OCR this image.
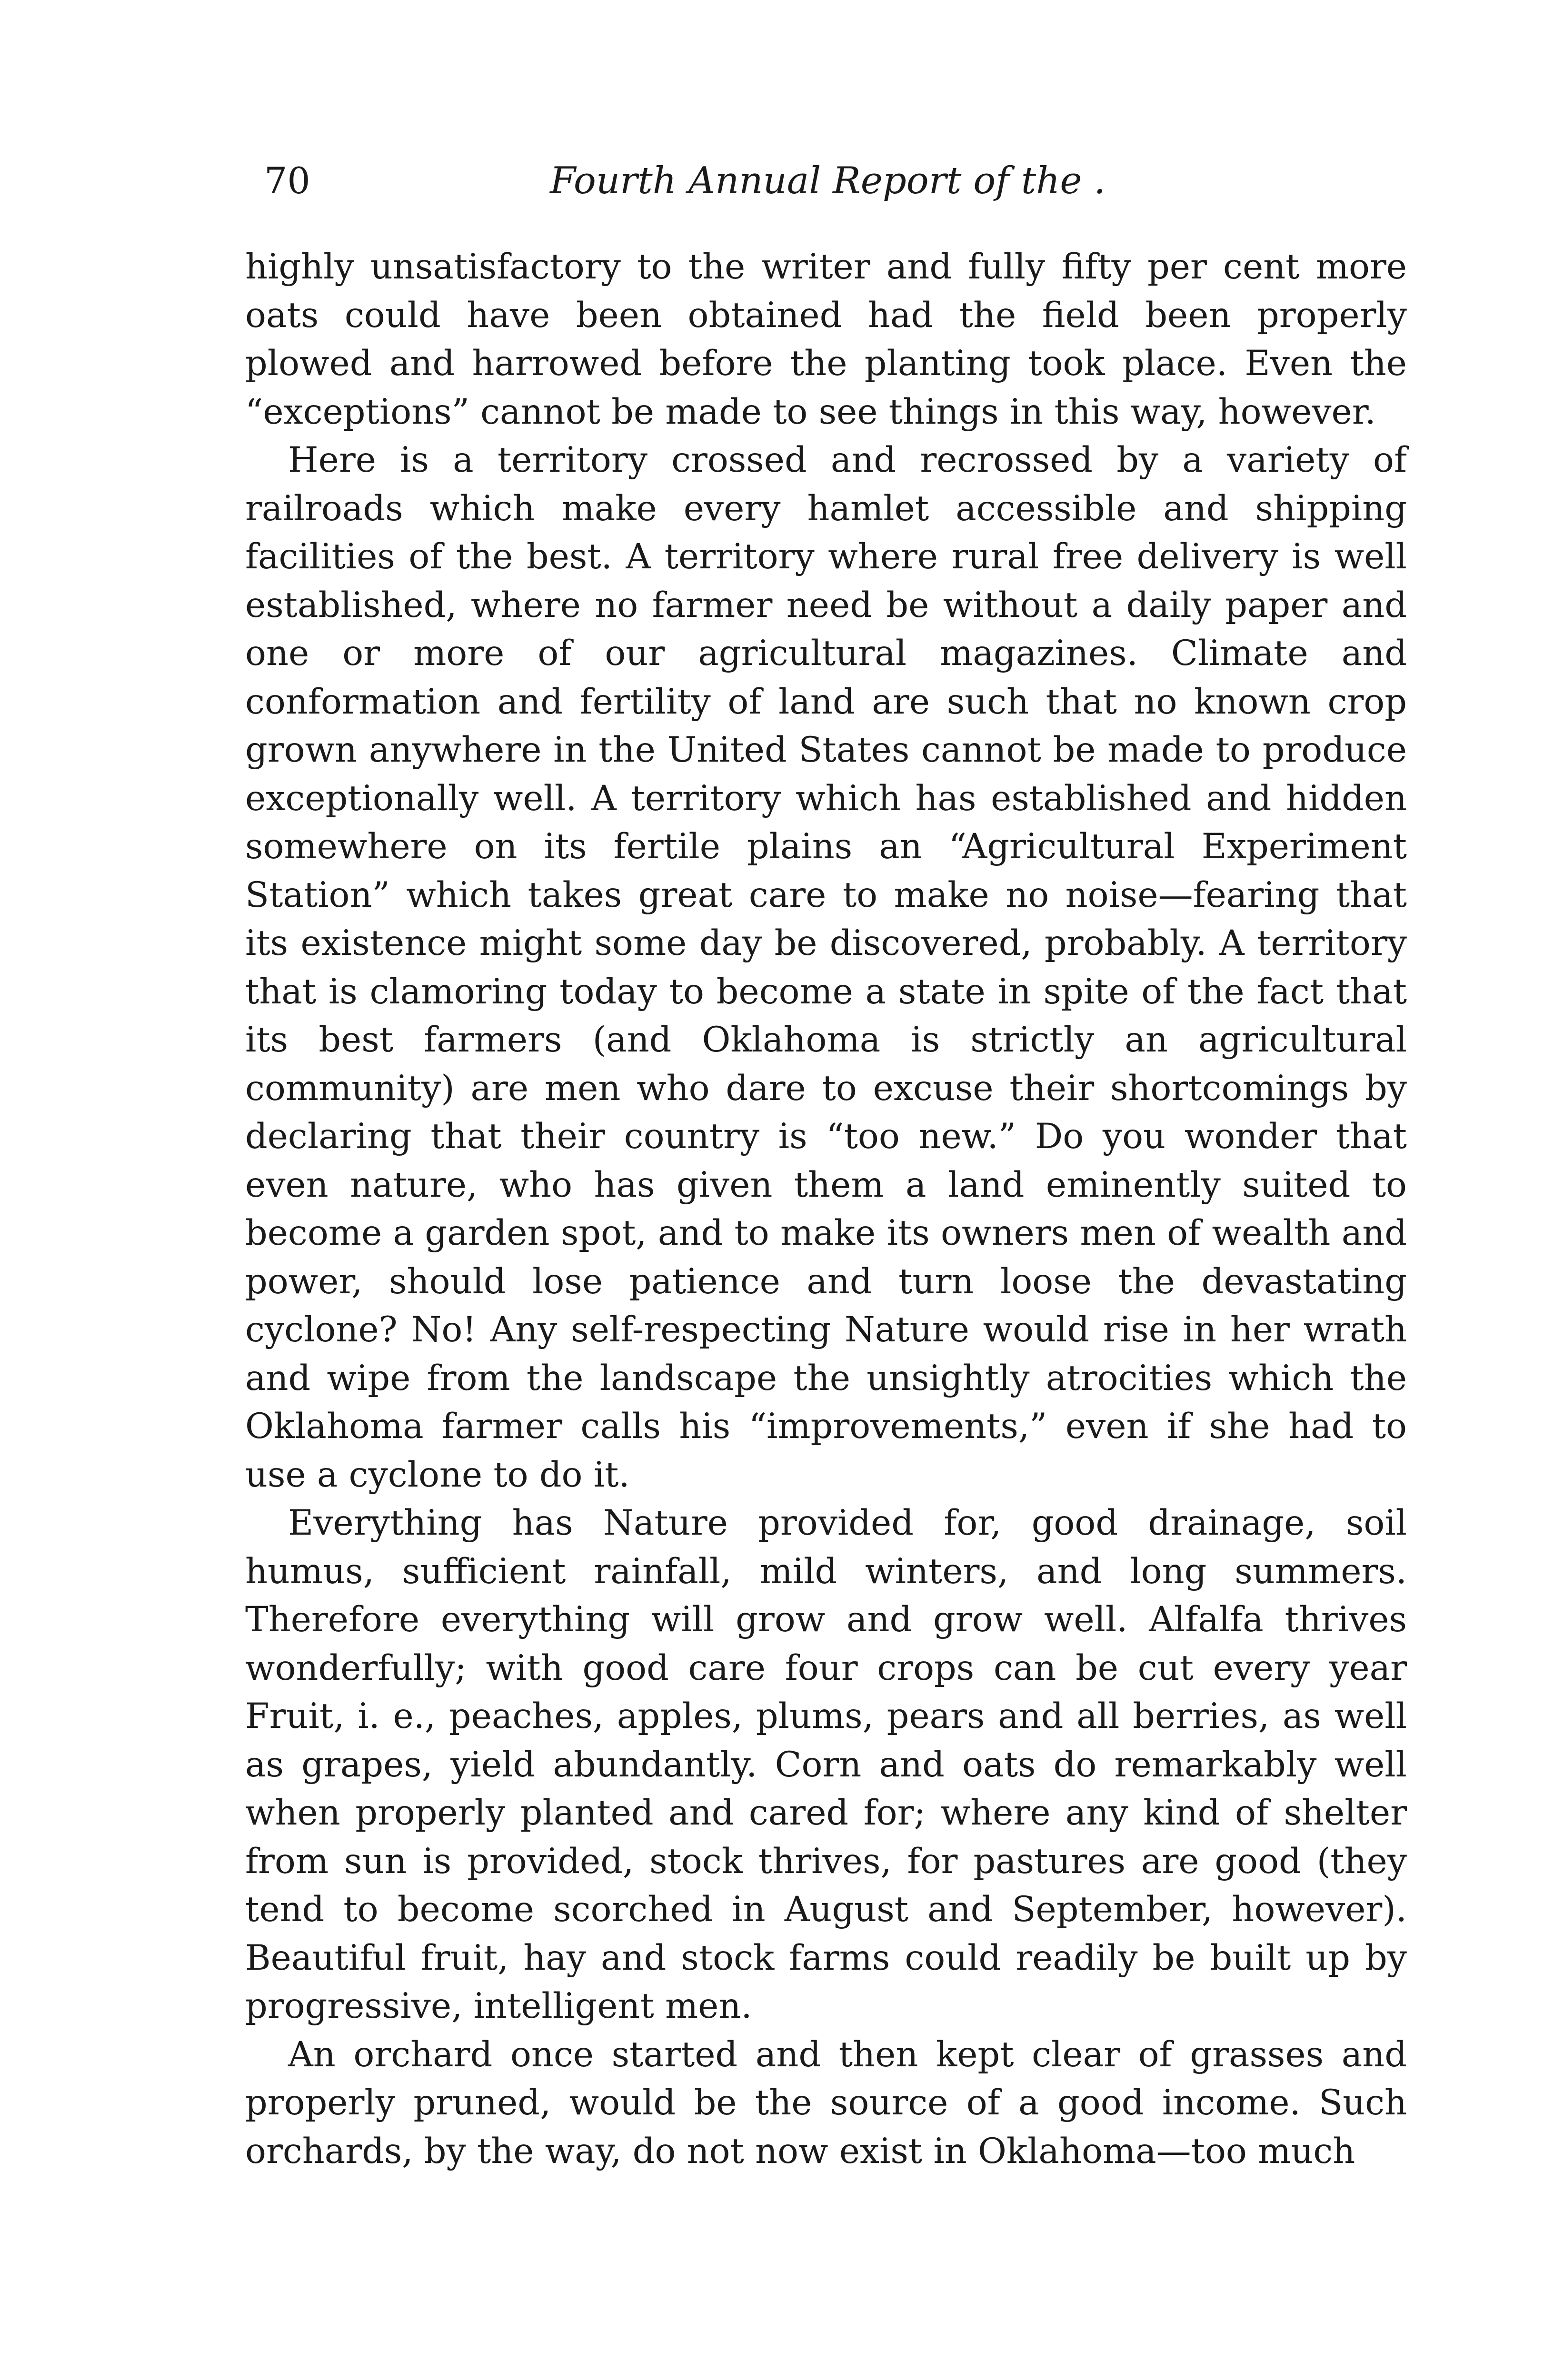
70	Fourth Annual Report of the .

highly unsatisfactory to the writer and fully fifty per cent more oats could have been obtained had the field been properly plowed and harrowed before the planting took place. Even the “exceptions” cannot be made to see things in this way, however.

Here is a territory crossed and recrossed by a variety of railroads which make every hamlet accessible and shipping facilities of the best. A territory where rural free delivery is well established, where no farmer need be without a daily paper and one or more of our agricultural magazines. Climate and conformation and fertility of land are such that no known crop grown anywhere in the United States cannot be made to produce exceptionally well. A territory which has established and hidden somewhere on its fertile plains an “Agricultural Experiment Station” which takes great care to make no noise—fearing that its existence might some day be discovered, probably. A territory that is clamoring today to become a state in spite of the fact that its best farmers (and Oklahoma is strictly an agricultural community) are men who dare to excuse their shortcomings by declaring that their country is “too new.” Do you wonder that even nature, who has given them a land eminently suited to become a garden spot, and to make its owners men of wealth and power, should lose patience and turn loose the devastating cyclone? No! Any self-respecting Nature would rise in her wrath and wipe from the landscape the unsightly atrocities which the Oklahoma farmer calls his “improvements,” even if she had to use a cyclone to do it.

Everything has Nature provided for, good drainage, soil humus, sufficient rainfall, mild winters, and long summers. Therefore everything will grow and grow well. Alfalfa thrives wonderfully; with good care four crops can be cut every year Fruit, i. e., peaches, apples, plums, pears and all berries, as well as grapes, yield abundantly. Corn and oats do remarkably well when properly planted and cared for; where any kind of shelter from sun is provided, stock thrives, for pastures are good (they tend to become scorched in August and September, however). Beautiful fruit, hay and stock farms could readily be built up by progressive, intelligent men.

An orchard once started and then kept clear of grasses and properly pruned, would be the source of a good income. Such orchards, by the way, do not now exist in Oklahoma—too much
